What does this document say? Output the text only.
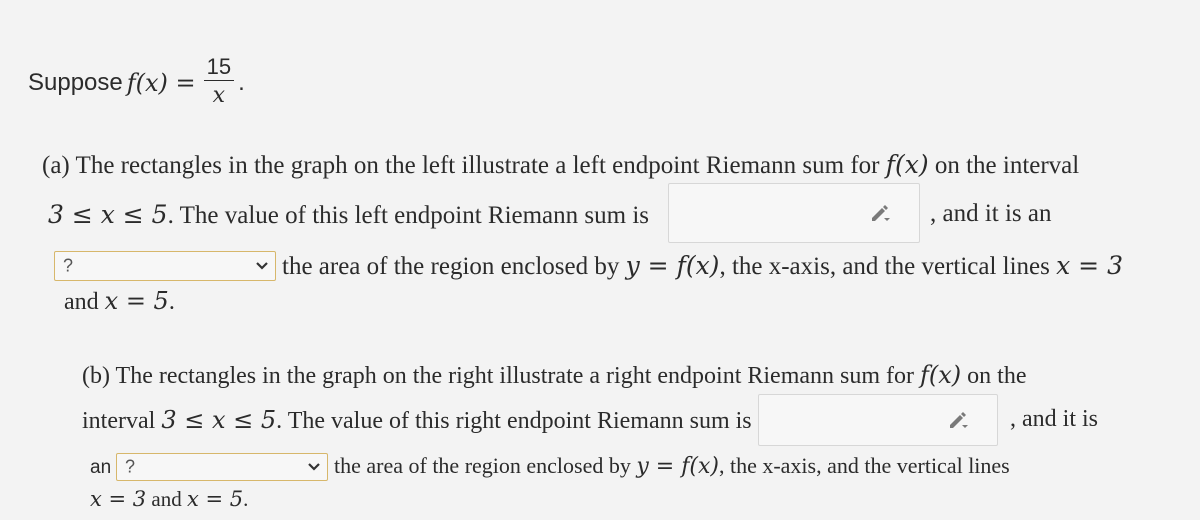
Suppose $f(x) = \frac{15}{x}$ .
(a) The rectangles in the graph on the left illustrate a left endpoint Riemann sum for f(x) on the interval
3 ≤ x ≤ 5. The value of this left endpoint Riemann sum is	, and it is an
?	the area of the region enclosed by y = f(x), the x-axis, and the vertical lines x = 3
and x = 5.
(b) The rectangles in the graph on the right illustrate a right endpoint Riemann sum for f(x) on the
interval 3 ≤ x ≤ 5. The value of this right endpoint Riemann sum is	, and it is
an ?	the area of the region enclosed by y = f(x), the x-axis, and the vertical lines
x = 3 and x = 5.
